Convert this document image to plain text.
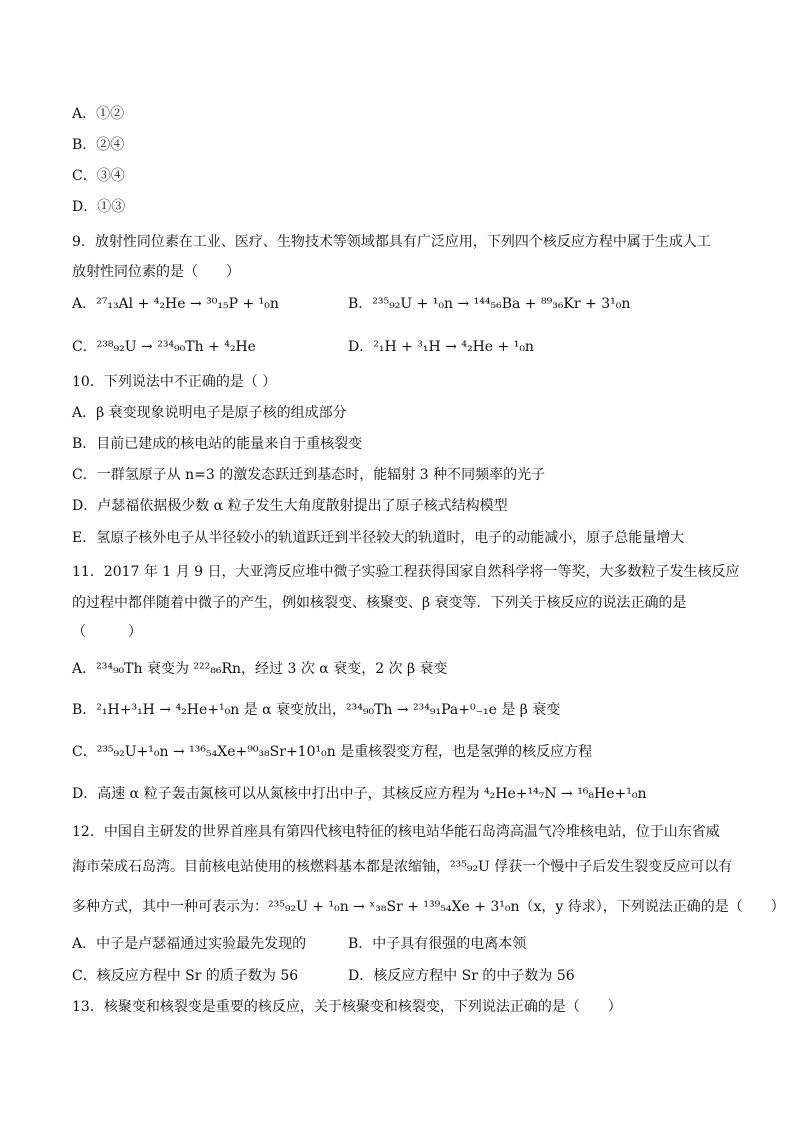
A．①②
B．②④
C．③④
D．①③
9．放射性同位素在工业、医疗、生物技术等领域都具有广泛应用，下列四个核反应方程中属于生成人工
放射性同位素的是（　　）
A．²⁷₁₃Al + ⁴₂He → ³⁰₁₅P + ¹₀n	B．²³⁵₉₂U + ¹₀n → ¹⁴⁴₅₆Ba + ⁸⁹₃₆Kr + 3¹₀n
C．²³⁸₉₂U → ²³⁴₉₀Th + ⁴₂He	D．²₁H + ³₁H → ⁴₂He + ¹₀n
10．下列说法中不正确的是（ ）
A．β 衰变现象说明电子是原子核的组成部分
B．目前已建成的核电站的能量来自于重核裂变
C．一群氢原子从 n=3 的激发态跃迁到基态时，能辐射 3 种不同频率的光子
D．卢瑟福依据极少数 α 粒子发生大角度散射提出了原子核式结构模型
E．氢原子核外电子从半径较小的轨道跃迁到半径较大的轨道时，电子的动能减小，原子总能量增大
11．2017 年 1 月 9 日，大亚湾反应堆中微子实验工程获得国家自然科学将一等奖，大多数粒子发生核反应
的过程中都伴随着中微子的产生，例如核裂变、核聚变、β 衰变等．下列关于核反应的说法正确的是
（　　　）
A．²³⁴₉₀Th 衰变为 ²²²₈₆Rn，经过 3 次 α 衰变，2 次 β 衰变
B．²₁H+³₁H → ⁴₂He+¹₀n 是 α 衰变放出，²³⁴₉₀Th → ²³⁴₉₁Pa+⁰₋₁e 是 β 衰变
C．²³⁵₉₂U+¹₀n → ¹³⁶₅₄Xe+⁹⁰₃₈Sr+10¹₀n 是重核裂变方程，也是氢弹的核反应方程
D．高速 α 粒子轰击氮核可以从氮核中打出中子，其核反应方程为 ⁴₂He+¹⁴₇N → ¹⁶₈He+¹₀n
12．中国自主研发的世界首座具有第四代核电特征的核电站华能石岛湾高温气冷堆核电站，位于山东省威
海市荣成石岛湾。目前核电站使用的核燃料基本都是浓缩铀，²³⁵₉₂U 俘获一个慢中子后发生裂变反应可以有
多种方式，其中一种可表示为：²³⁵₉₂U + ¹₀n → ˣ₃₈Sr + ¹³⁹₅₄Xe + 3¹₀n（x，y 待求），下列说法正确的是（　　）
A．中子是卢瑟福通过实验最先发现的	B．中子具有很强的电离本领
C．核反应方程中 Sr 的质子数为 56	D．核反应方程中 Sr 的中子数为 56
13．核聚变和核裂变是重要的核反应，关于核聚变和核裂变，下列说法正确的是（　　）
